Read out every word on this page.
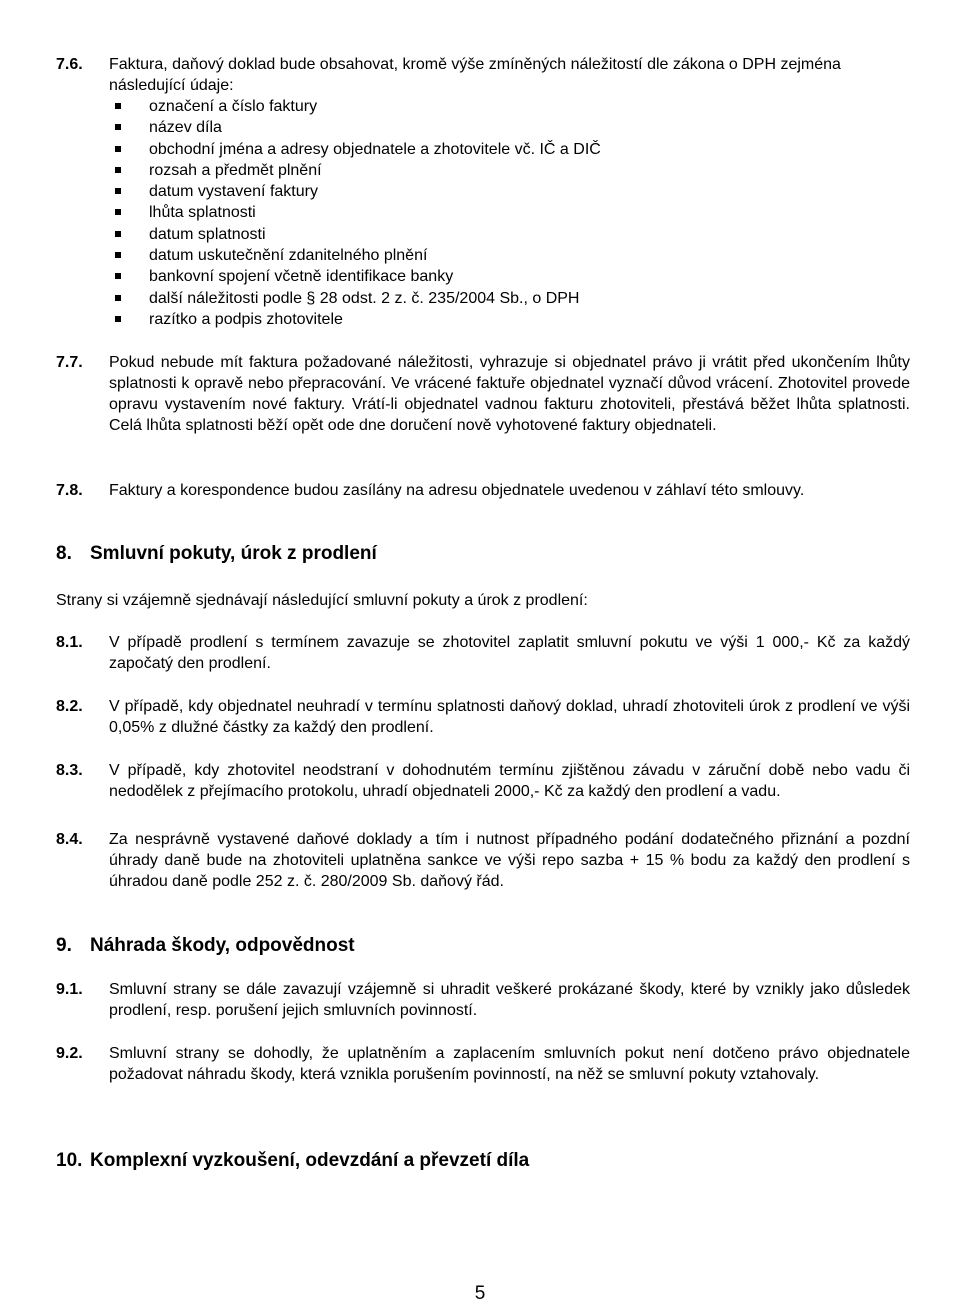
7.6. Faktura, daňový doklad bude obsahovat, kromě výše zmíněných náležitostí dle zákona o DPH zejména následující údaje:
označení a číslo faktury
název díla
obchodní jména a adresy objednatele a zhotovitele vč. IČ a DIČ
rozsah a předmět plnění
datum vystavení faktury
lhůta splatnosti
datum splatnosti
datum uskutečnění zdanitelného plnění
bankovní spojení včetně identifikace banky
další náležitosti podle § 28 odst. 2 z. č. 235/2004 Sb., o DPH
razítko a podpis zhotovitele
7.7. Pokud nebude mít faktura požadované náležitosti, vyhrazuje si objednatel právo ji vrátit před ukončením lhůty splatnosti k opravě nebo přepracování. Ve vrácené faktuře objednatel vyznačí důvod vrácení. Zhotovitel provede opravu vystavením nové faktury. Vrátí-li objednatel vadnou fakturu zhotoviteli, přestává běžet lhůta splatnosti. Celá lhůta splatnosti běží opět ode dne doručení nově vyhotovené faktury objednateli.
7.8. Faktury a korespondence budou zasílány na adresu objednatele uvedenou v záhlaví této smlouvy.
8. Smluvní pokuty, úrok z prodlení
Strany si vzájemně sjednávají následující smluvní pokuty a úrok z prodlení:
8.1. V případě prodlení s termínem zavazuje se zhotovitel zaplatit smluvní pokutu ve výši 1 000,- Kč za každý započatý den prodlení.
8.2. V případě, kdy objednatel neuhradí v termínu splatnosti daňový doklad, uhradí zhotoviteli úrok z prodlení ve výši 0,05% z dlužné částky za každý den prodlení.
8.3. V případě, kdy zhotovitel neodstraní v dohodnutém termínu zjištěnou závadu v záruční době nebo vadu či nedodělek z přejímacího protokolu, uhradí objednateli 2000,- Kč za každý den prodlení a vadu.
8.4. Za nesprávně vystavené daňové doklady a tím i nutnost případného podání dodatečného přiznání a pozdní úhrady daně bude na zhotoviteli uplatněna sankce ve výši repo sazba + 15 % bodu za každý den prodlení s úhradou daně podle 252 z. č. 280/2009 Sb. daňový řád.
9. Náhrada škody, odpovědnost
9.1. Smluvní strany se dále zavazují vzájemně si uhradit veškeré prokázané škody, které by vznikly jako důsledek prodlení, resp. porušení jejich smluvních povinností.
9.2. Smluvní strany se dohodly, že uplatněním a zaplacením smluvních pokut není dotčeno právo objednatele požadovat náhradu škody, která vznikla porušením povinností, na něž se smluvní pokuty vztahovaly.
10. Komplexní vyzkoušení, odevzdání a převzetí díla
5
